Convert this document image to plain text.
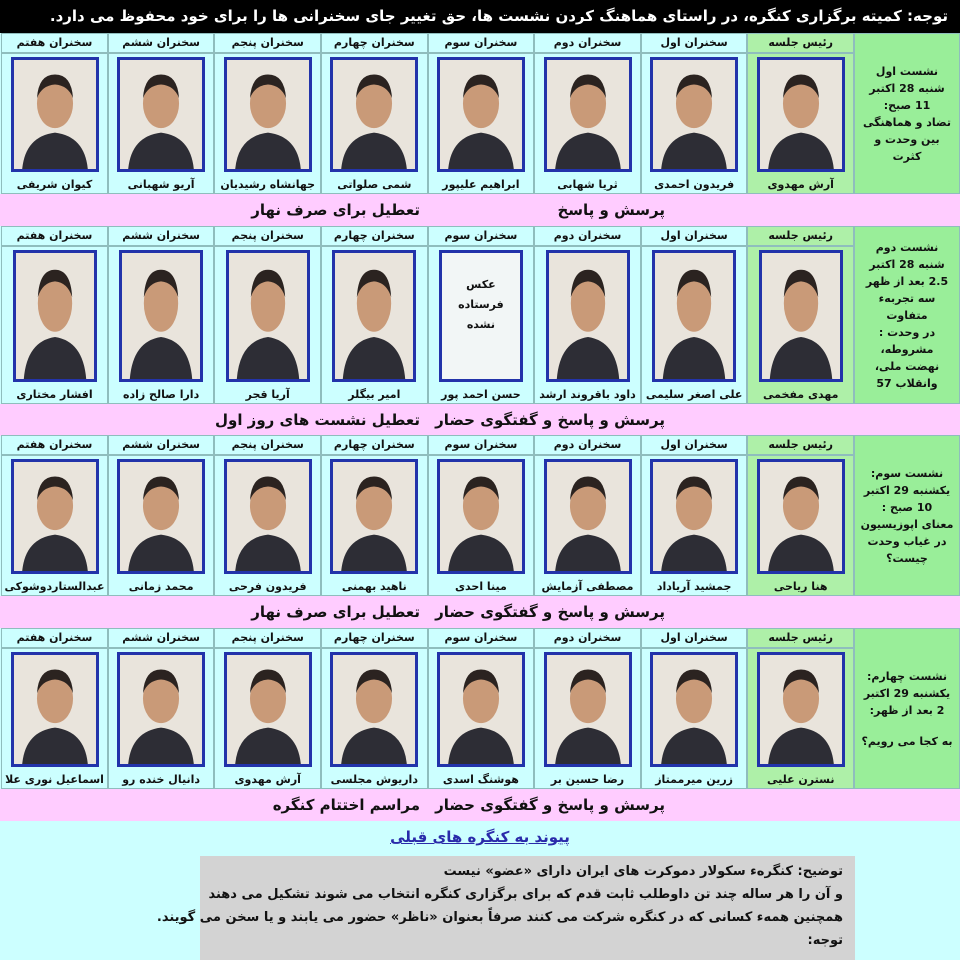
توجه: کمیته برگزاری کنگره، در راستای هماهنگ کردن نشست ها، حق تغییر جای سخنرانی ها را برای خود محفوظ می دارد.
نشست اول
شنبه 28 اکتبر
11 صبح:
تضاد و هماهنگی
بین وحدت و کثرت
رئیس جلسه
آرش مهدوی
سخنران اول
فریدون احمدی
سخنران دوم
ثریا شهابی
سخنران سوم
ابراهیم علیپور
سخنران چهارم
شمی صلواتی
سخنران پنجم
جهانشاه رشیدیان
سخنران ششم
آریو شهبانی
سخنران هفتم
کیوان شریفی
پرسش و پاسخ
تعطیل برای صرف نهار
نشست دوم
شنبه 28 اکتبر
2.5 بعد از ظهر
سه تجربه‌ء
متفاوت
در وحدت :
مشروطه،
نهضت ملی،
وانقلاب 57
رئیس جلسه
مهدی مفخمی
سخنران اول
علی اصغر سلیمی
سخنران دوم
داود باقروند ارشد
سخنران سوم
عکس
فرستاده
نشده
حسن احمد پور
سخنران چهارم
امیر بیگلر
سخنران پنجم
آریا قجر
سخنران ششم
دارا صالح زاده
سخنران هفتم
افشار مختاری
پرسش و پاسخ و گفتگوی حضار
تعطیل نشست های روز اول
نشست سوم:
یکشنبه 29 اکتبر
10 صبح :
معنای اپوزیسیون
در غیاب وحدت
چیست؟
رئیس جلسه
هنا ریاحی
سخنران اول
جمشید آریاداد
سخنران دوم
مصطفی آزمایش
سخنران سوم
مینا احدی
سخنران چهارم
ناهید بهمنی
سخنران پنجم
فریدون فرحی
سخنران ششم
محمد زمانی
سخنران هفتم
عبدالستاردوشوکی
پرسش و پاسخ و گفتگوی حضار
تعطیل برای صرف نهار
نشست چهارم:
یکشنبه 29 اکتبر
2 بعد از ظهر:
به کجا می رویم؟
رئیس جلسه
نسترن علیی
سخنران اول
زرین میرممتاز
سخنران دوم
رضا حسین بر
سخنران سوم
هوشنگ اسدی
سخنران چهارم
داریوش مجلسی
سخنران پنجم
آرش مهدوی
سخنران ششم
دانیال خنده رو
سخنران هفتم
اسماعیل نوری علا
پرسش و پاسخ و گفتگوی حضار
مراسم اختتام کنگره
پیوند به کنگره های قبلی

توضیح: کنگره‌ء سکولار دموکرت های ایران دارای «عضو» نیست

و آن را هر ساله چند تن داوطلب ثابت قدم که برای برگزاری کنگره انتخاب می شوند تشکیل می دهند

همچنین همه‌ء کسانی که در کنگره شرکت می کنند صرفاً بعنوان «ناظر» حضور می یابند و یا سخن می گویند.

توجه:
